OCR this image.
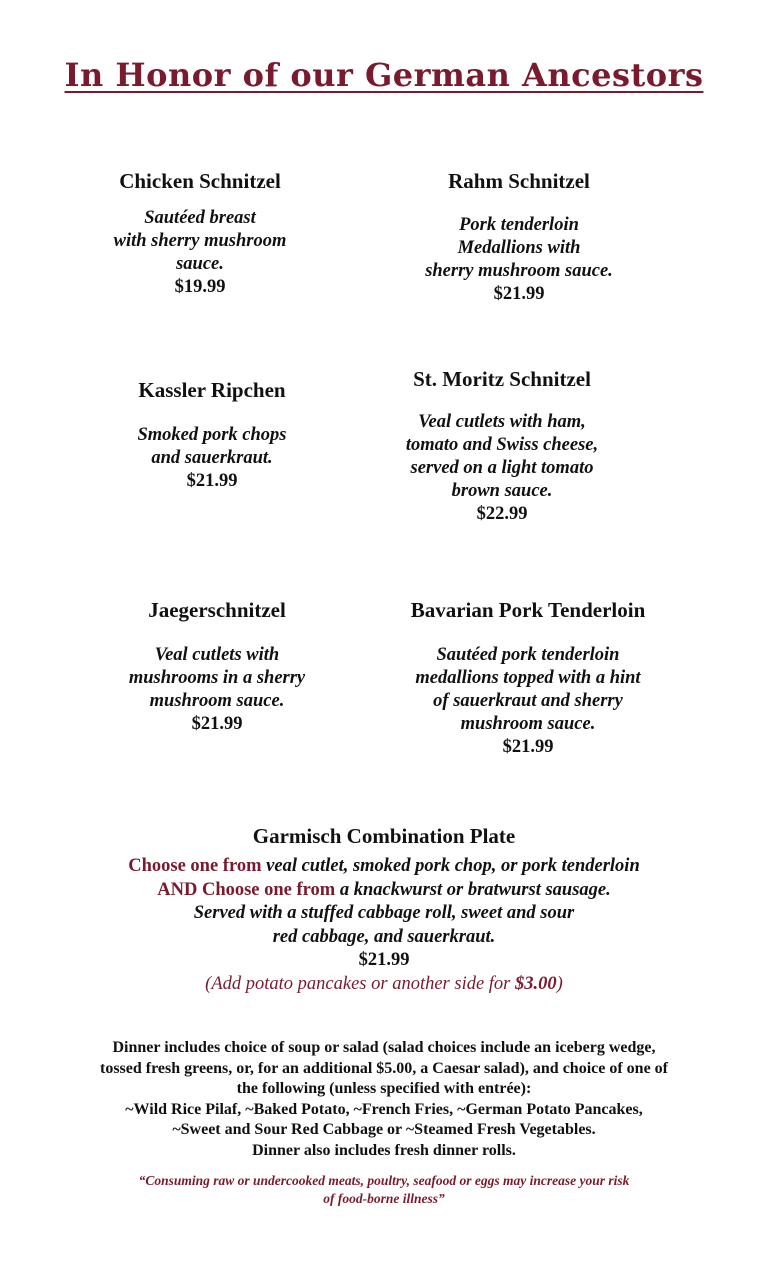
In Honor of our German Ancestors

Chicken Schnitzel

Sautéed breast

with sherry mushroom

sauce.

$19.99

Rahm Schnitzel

Pork tenderloin

Medallions with

sherry mushroom sauce.

$21.99

Kassler Ripchen

Smoked pork chops

and sauerkraut.

$21.99

St. Moritz Schnitzel

Veal cutlets with ham,

tomato and Swiss cheese,

served on a light tomato

brown sauce.

$22.99

Jaegerschnitzel

Veal cutlets with

mushrooms in a sherry

mushroom sauce.

$21.99

Bavarian Pork Tenderloin

Sautéed pork tenderloin

medallions topped with a hint

of sauerkraut and sherry

mushroom sauce.

$21.99

Garmisch Combination Plate

Choose one from veal cutlet, smoked pork chop, or pork tenderloin

AND Choose one from a knackwurst or bratwurst sausage.

Served with a stuffed cabbage roll, sweet and sour

red cabbage, and sauerkraut.

$21.99

(Add potato pancakes or another side for $3.00)

Dinner includes choice of soup or salad (salad choices include an iceberg wedge,

tossed fresh greens, or, for an additional $5.00, a Caesar salad), and choice of one of

the following (unless specified with entrée):

~Wild Rice Pilaf, ~Baked Potato, ~French Fries, ~German Potato Pancakes,

~Sweet and Sour Red Cabbage or ~Steamed Fresh Vegetables.

Dinner also includes fresh dinner rolls.

“Consuming raw or undercooked meats, poultry, seafood or eggs may increase your risk

of food-borne illness”
